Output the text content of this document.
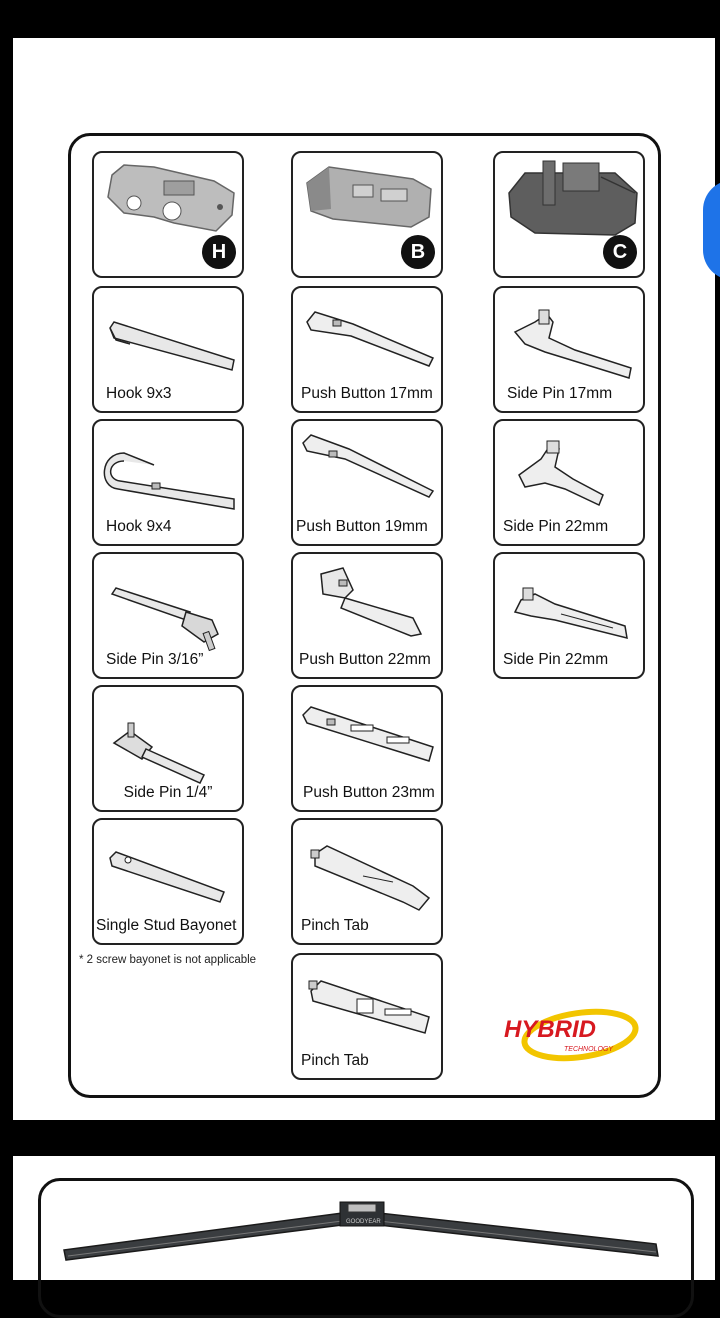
H	B	C
Hook 9x3
Hook 9x4
Side Pin 3/16”
Side Pin 1/4”
Single Stud Bayonet
Push Button 17mm
Push Button 19mm
Push Button 22mm
Push Button 23mm
Pinch Tab
Pinch Tab
Side Pin 17mm
Side Pin 22mm
Side Pin 22mm
* 2 screw bayonet is not applicable
HYBRID
TECHNOLOGY
GOODYEAR
